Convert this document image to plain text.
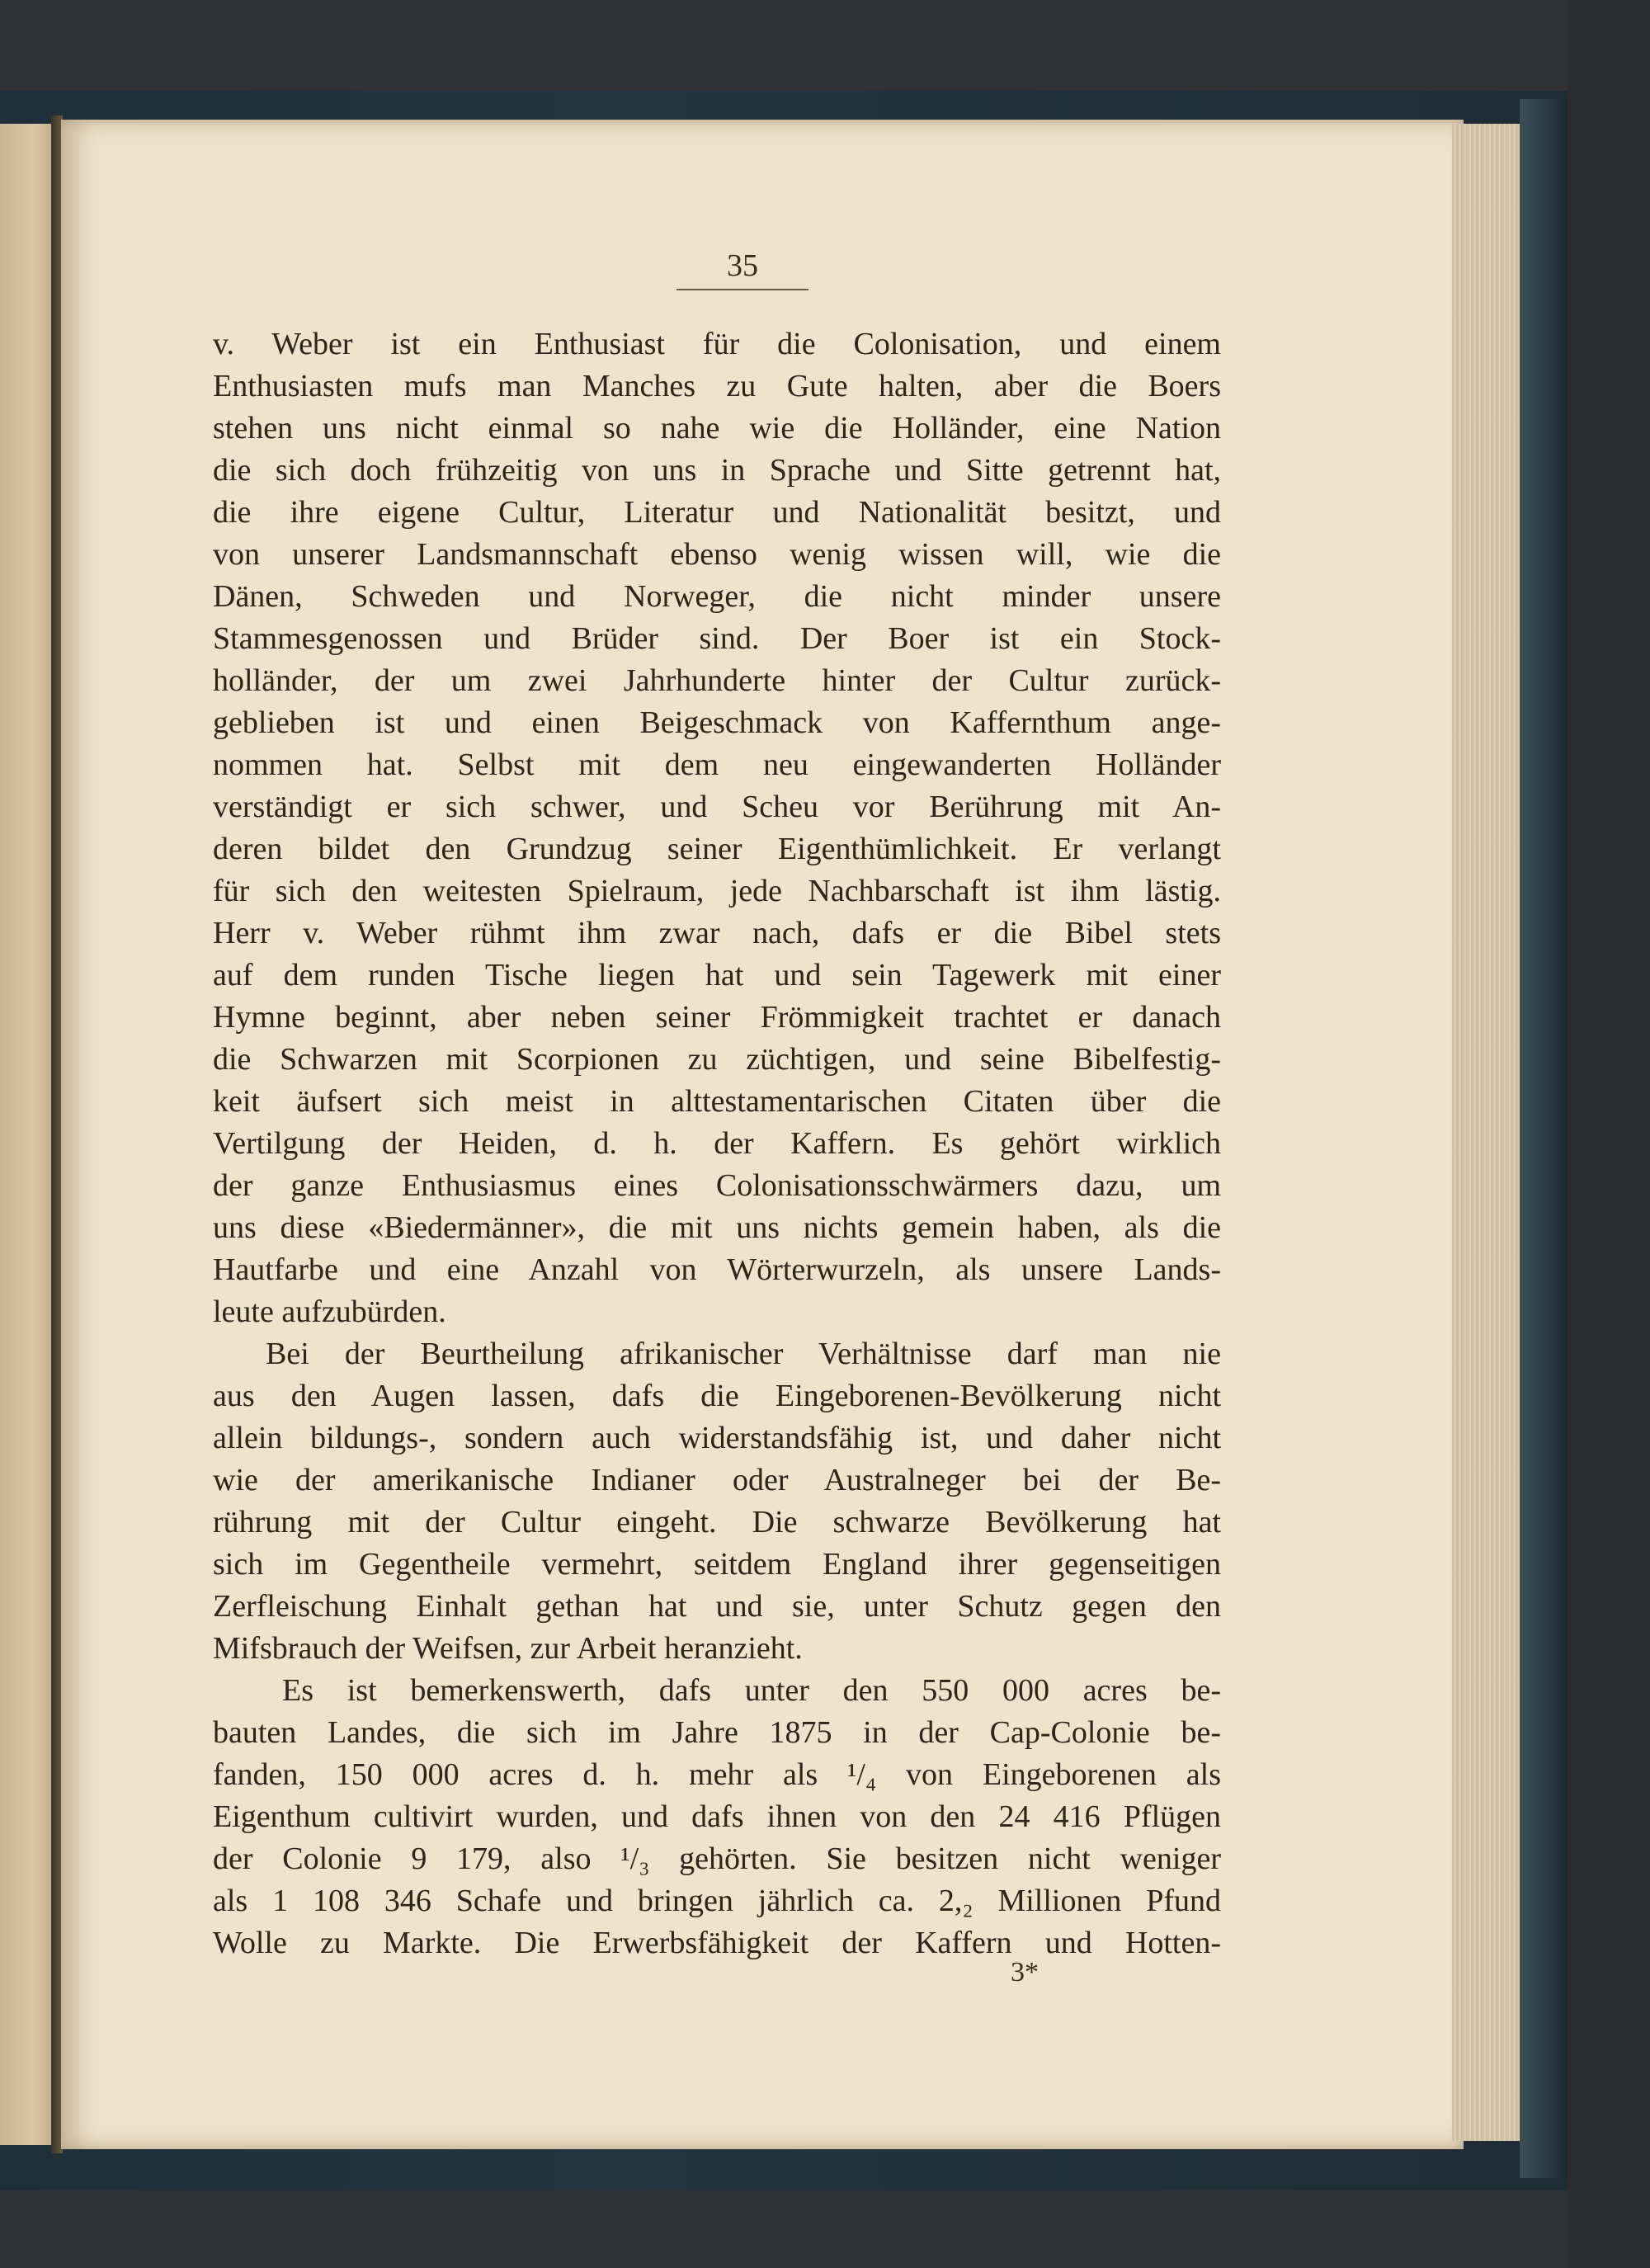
35
v. Weber ist ein Enthusiast für die Colonisation, und einem
Enthusiasten mufs man Manches zu Gute halten, aber die Boers
stehen uns nicht einmal so nahe wie die Holländer, eine Nation
die sich doch frühzeitig von uns in Sprache und Sitte getrennt hat,
die ihre eigene Cultur, Literatur und Nationalität besitzt, und
von unserer Landsmannschaft ebenso wenig wissen will, wie die
Dänen, Schweden und Norweger, die nicht minder unsere
Stammesgenossen und Brüder sind. Der Boer ist ein Stock-
holländer, der um zwei Jahrhunderte hinter der Cultur zurück-
geblieben ist und einen Beigeschmack von Kaffernthum ange-
nommen hat. Selbst mit dem neu eingewanderten Holländer
verständigt er sich schwer, und Scheu vor Berührung mit An-
deren bildet den Grundzug seiner Eigenthümlichkeit. Er verlangt
für sich den weitesten Spielraum, jede Nachbarschaft ist ihm lästig.
Herr v. Weber rühmt ihm zwar nach, dafs er die Bibel stets
auf dem runden Tische liegen hat und sein Tagewerk mit einer
Hymne beginnt, aber neben seiner Frömmigkeit trachtet er danach
die Schwarzen mit Scorpionen zu züchtigen, und seine Bibelfestig-
keit äufsert sich meist in alttestamentarischen Citaten über die
Vertilgung der Heiden, d. h. der Kaffern. Es gehört wirklich
der ganze Enthusiasmus eines Colonisationsschwärmers dazu, um
uns diese «Biedermänner», die mit uns nichts gemein haben, als die
Hautfarbe und eine Anzahl von Wörterwurzeln, als unsere Lands-
leute aufzubürden.
Bei der Beurtheilung afrikanischer Verhältnisse darf man nie
aus den Augen lassen, dafs die Eingeborenen-Bevölkerung nicht
allein bildungs-, sondern auch widerstandsfähig ist, und daher nicht
wie der amerikanische Indianer oder Australneger bei der Be-
rührung mit der Cultur eingeht. Die schwarze Bevölkerung hat
sich im Gegentheile vermehrt, seitdem England ihrer gegenseitigen
Zerfleischung Einhalt gethan hat und sie, unter Schutz gegen den
Mifsbrauch der Weifsen, zur Arbeit heranzieht.
Es ist bemerkenswerth, dafs unter den 550 000 acres be-
bauten Landes, die sich im Jahre 1875 in der Cap-Colonie be-
fanden, 150 000 acres d. h. mehr als ¹/₄ von Eingeborenen als
Eigenthum cultivirt wurden, und dafs ihnen von den 24 416 Pflügen
der Colonie 9 179, also ¹/₃ gehörten. Sie besitzen nicht weniger
als 1 108 346 Schafe und bringen jährlich ca. 2,₂ Millionen Pfund
Wolle zu Markte. Die Erwerbsfähigkeit der Kaffern und Hotten-
3*
